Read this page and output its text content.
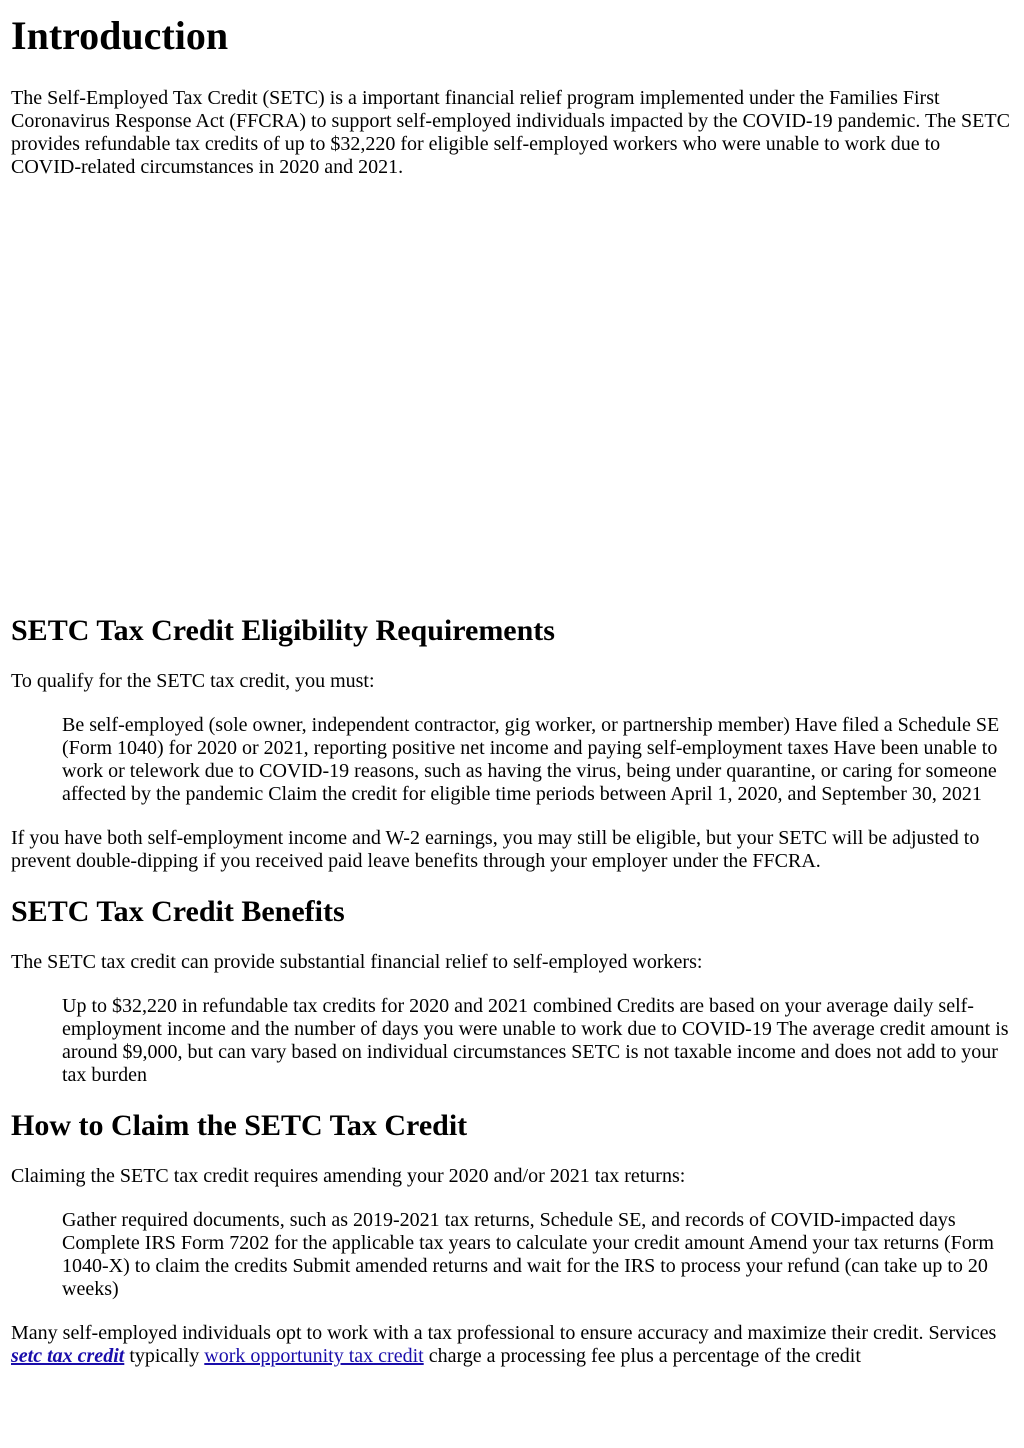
Introduction

The Self-Employed Tax Credit (SETC) is a important financial relief program implemented under the Families First Coronavirus Response Act (FFCRA) to support self-employed individuals impacted by the COVID-19 pandemic. The SETC provides refundable tax credits of up to $32,220 for eligible self-employed workers who were unable to work due to COVID-related circumstances in 2020 and 2021.

SETC Tax Credit Eligibility Requirements

To qualify for the SETC tax credit, you must:

Be self-employed (sole owner, independent contractor, gig worker, or partnership member) Have filed a Schedule SE (Form 1040) for 2020 or 2021, reporting positive net income and paying self-employment taxes Have been unable to work or telework due to COVID-19 reasons, such as having the virus, being under quarantine, or caring for someone affected by the pandemic Claim the credit for eligible time periods between April 1, 2020, and September 30, 2021

If you have both self-employment income and W-2 earnings, you may still be eligible, but your SETC will be adjusted to prevent double-dipping if you received paid leave benefits through your employer under the FFCRA.

SETC Tax Credit Benefits

The SETC tax credit can provide substantial financial relief to self-employed workers:

Up to $32,220 in refundable tax credits for 2020 and 2021 combined Credits are based on your average daily self-employment income and the number of days you were unable to work due to COVID-19 The average credit amount is around $9,000, but can vary based on individual circumstances SETC is not taxable income and does not add to your tax burden
How to Claim the SETC Tax Credit

Claiming the SETC tax credit requires amending your 2020 and/or 2021 tax returns:

Gather required documents, such as 2019-2021 tax returns, Schedule SE, and records of COVID-impacted days Complete IRS Form 7202 for the applicable tax years to calculate your credit amount Amend your tax returns (Form 1040-X) to claim the credits Submit amended returns and wait for the IRS to process your refund (can take up to 20 weeks)

Many self-employed individuals opt to work with a tax professional to ensure accuracy and maximize their credit. Services setc tax credit typically work opportunity tax credit charge a processing fee plus a percentage of the credit
